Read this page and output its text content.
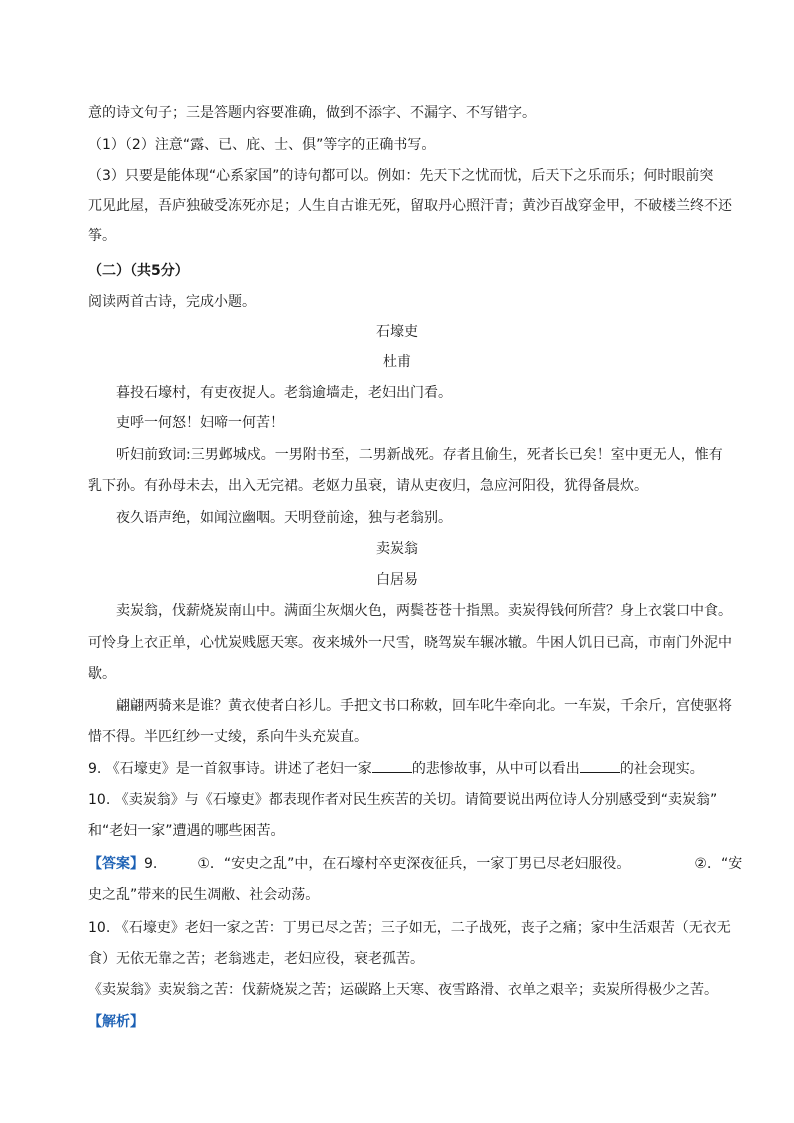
意的诗文句子；三是答题内容要准确，做到不添字、不漏字、不写错字。
（1）（2）注意“露、已、庇、士、俱”等字的正确书写。
（3）只要是能体现“心系家国”的诗句都可以。例如：先天下之忧而忧，后天下之乐而乐；何时眼前突
兀见此屋，吾庐独破受冻死亦足；人生自古谁无死，留取丹心照汗青；黄沙百战穿金甲，不破楼兰终不还
筝。
（二）（共5分）
阅读两首古诗，完成小题。
石壕吏
杜甫
暮投石壕村，有吏夜捉人。老翁逾墙走，老妇出门看。
吏呼一何怒！妇啼一何苦！
听妇前致词:三男邺城戍。一男附书至，二男新战死。存者且偷生，死者长已矣！室中更无人，惟有
乳下孙。有孙母未去，出入无完裙。老妪力虽衰，请从吏夜归，急应河阳役，犹得备晨炊。
夜久语声绝，如闻泣幽咽。天明登前途，独与老翁别。
卖炭翁
白居易
卖炭翁，伐薪烧炭南山中。满面尘灰烟火色，两鬓苍苍十指黑。卖炭得钱何所营？身上衣裳口中食。
可怜身上衣正单，心忧炭贱愿天寒。夜来城外一尺雪，晓驾炭车辗冰辙。牛困人饥日已高，市南门外泥中
歇。
翩翩两骑来是谁？黄衣使者白衫儿。手把文书口称敕，回车叱牛牵向北。一车炭，千余斤，宫使驱将
惜不得。半匹红纱一丈绫，系向牛头充炭直。
9. 《石壕吏》是一首叙事诗。讲述了老妇一家	的悲惨故事，从中可以看出	的社会现实。
10. 《卖炭翁》与《石壕吏》都表现作者对民生疾苦的关切。请简要说出两位诗人分别感受到“卖炭翁”
和“老妇一家”遭遇的哪些困苦。
【答案】9.	①．“安史之乱”中，在石壕村卒吏深夜征兵，一家丁男已尽老妇服役。	②．“安
史之乱”带来的民生凋敝、社会动荡。
10. 《石壕吏》老妇一家之苦：丁男已尽之苦；三子如无，二子战死，丧子之痛；家中生活艰苦（无衣无
食）无依无靠之苦；老翁逃走，老妇应役，衰老孤苦。
《卖炭翁》卖炭翁之苦：伐薪烧炭之苦；运碳路上天寒、夜雪路滑、衣单之艰辛；卖炭所得极少之苦。
【解析】
